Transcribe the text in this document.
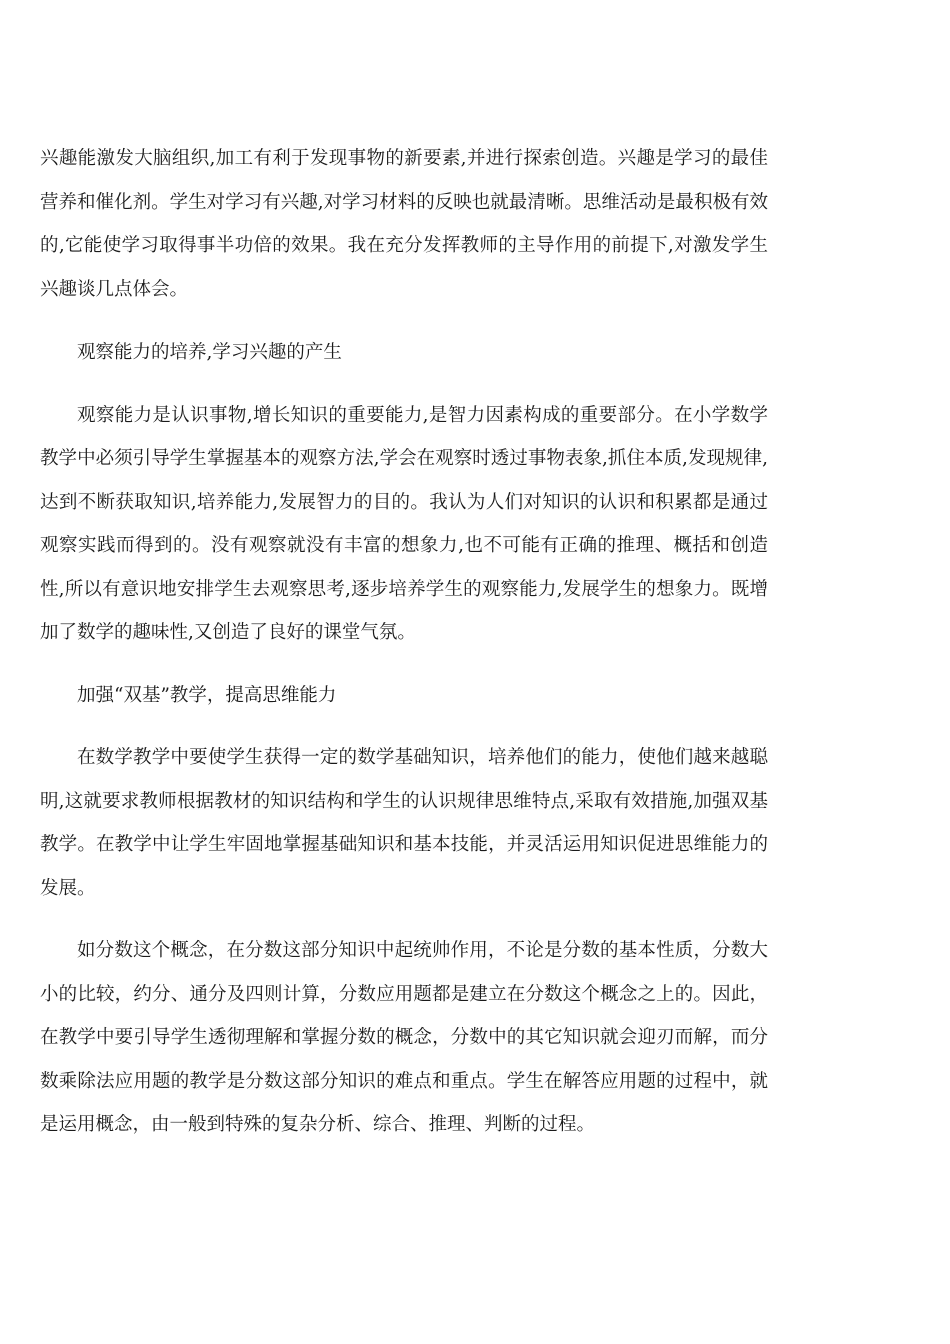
兴趣能激发大脑组织,加工有利于发现事物的新要素,并进行探索创造。兴趣是学习的最佳营养和催化剂。学生对学习有兴趣,对学习材料的反映也就最清晰。思维活动是最积极有效的,它能使学习取得事半功倍的效果。我在充分发挥教师的主导作用的前提下,对激发学生兴趣谈几点体会。

观察能力的培养,学习兴趣的产生

观察能力是认识事物,增长知识的重要能力,是智力因素构成的重要部分。在小学数学教学中必须引导学生掌握基本的观察方法,学会在观察时透过事物表象,抓住本质,发现规律,达到不断获取知识,培养能力,发展智力的目的。我认为人们对知识的认识和积累都是通过观察实践而得到的。没有观察就没有丰富的想象力,也不可能有正确的推理、概括和创造性,所以有意识地安排学生去观察思考,逐步培养学生的观察能力,发展学生的想象力。既增加了数学的趣味性,又创造了良好的课堂气氛。

加强“双基”教学，提高思维能力

在数学教学中要使学生获得一定的数学基础知识，培养他们的能力，使他们越来越聪明,这就要求教师根据教材的知识结构和学生的认识规律思维特点,采取有效措施,加强双基教学。在教学中让学生牢固地掌握基础知识和基本技能，并灵活运用知识促进思维能力的发展。

如分数这个概念，在分数这部分知识中起统帅作用，不论是分数的基本性质，分数大小的比较，约分、通分及四则计算，分数应用题都是建立在分数这个概念之上的。因此，在教学中要引导学生透彻理解和掌握分数的概念，分数中的其它知识就会迎刃而解，而分数乘除法应用题的教学是分数这部分知识的难点和重点。学生在解答应用题的过程中，就是运用概念，由一般到特殊的复杂分析、综合、推理、判断的过程。
